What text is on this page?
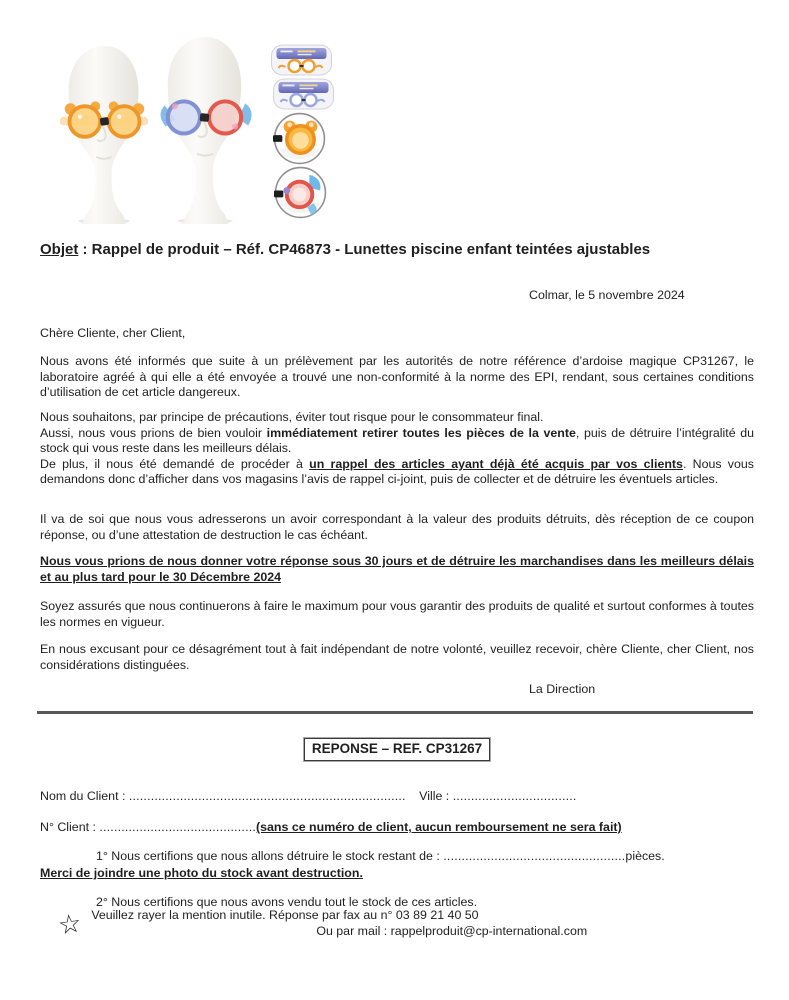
Objet : Rappel de produit – Réf. CP46873 - Lunettes piscine enfant teintées ajustables
Colmar, le 5 novembre 2024
Chère Cliente, cher Client,
Nous avons été informés que suite à un prélèvement par les autorités de notre référence d’ardoise magique CP31267, le laboratoire agréé à qui elle a été envoyée a trouvé une non-conformité à la norme des EPI, rendant, sous certaines conditions d’utilisation de cet article dangereux.
Nous souhaitons, par principe de précautions, éviter tout risque pour le consommateur final.
Aussi, nous vous prions de bien vouloir immédiatement retirer toutes les pièces de la vente, puis de détruire l’intégralité du stock qui vous reste dans les meilleurs délais.
De plus, il nous été demandé de procéder à un rappel des articles ayant déjà été acquis par vos clients. Nous vous demandons donc d’afficher dans vos magasins l’avis de rappel ci-joint, puis de collecter et de détruire les éventuels articles.
Il va de soi que nous vous adresserons un avoir correspondant à la valeur des produits détruits, dès réception de ce coupon réponse, ou d’une attestation de destruction le cas échéant.
Nous vous prions de nous donner votre réponse sous 30 jours et de détruire les marchandises dans les meilleurs délais et au plus tard pour le 30 Décembre 2024
Soyez assurés que nous continuerons à faire le maximum pour vous garantir des produits de qualité et surtout conformes à toutes les normes en vigueur.
En nous excusant pour ce désagrément tout à fait indépendant de notre volonté, veuillez recevoir, chère Cliente, cher Client, nos considérations distinguées.
La Direction
REPONSE – REF. CP31267
Nom du Client : ............................................................................ Ville : ..................................
N° Client : ...........................................(sans ce numéro de client, aucun remboursement ne sera fait)
1° Nous certifions que nous allons détruire le stock restant de : ..................................................pièces.
Merci de joindre une photo du stock avant destruction.
2° Nous certifions que nous avons vendu tout le stock de ces articles.
☆ Veuillez rayer la mention inutile. Réponse par fax au n° 03 89 21 40 50
Ou par mail : rappelproduit@cp-international.com
